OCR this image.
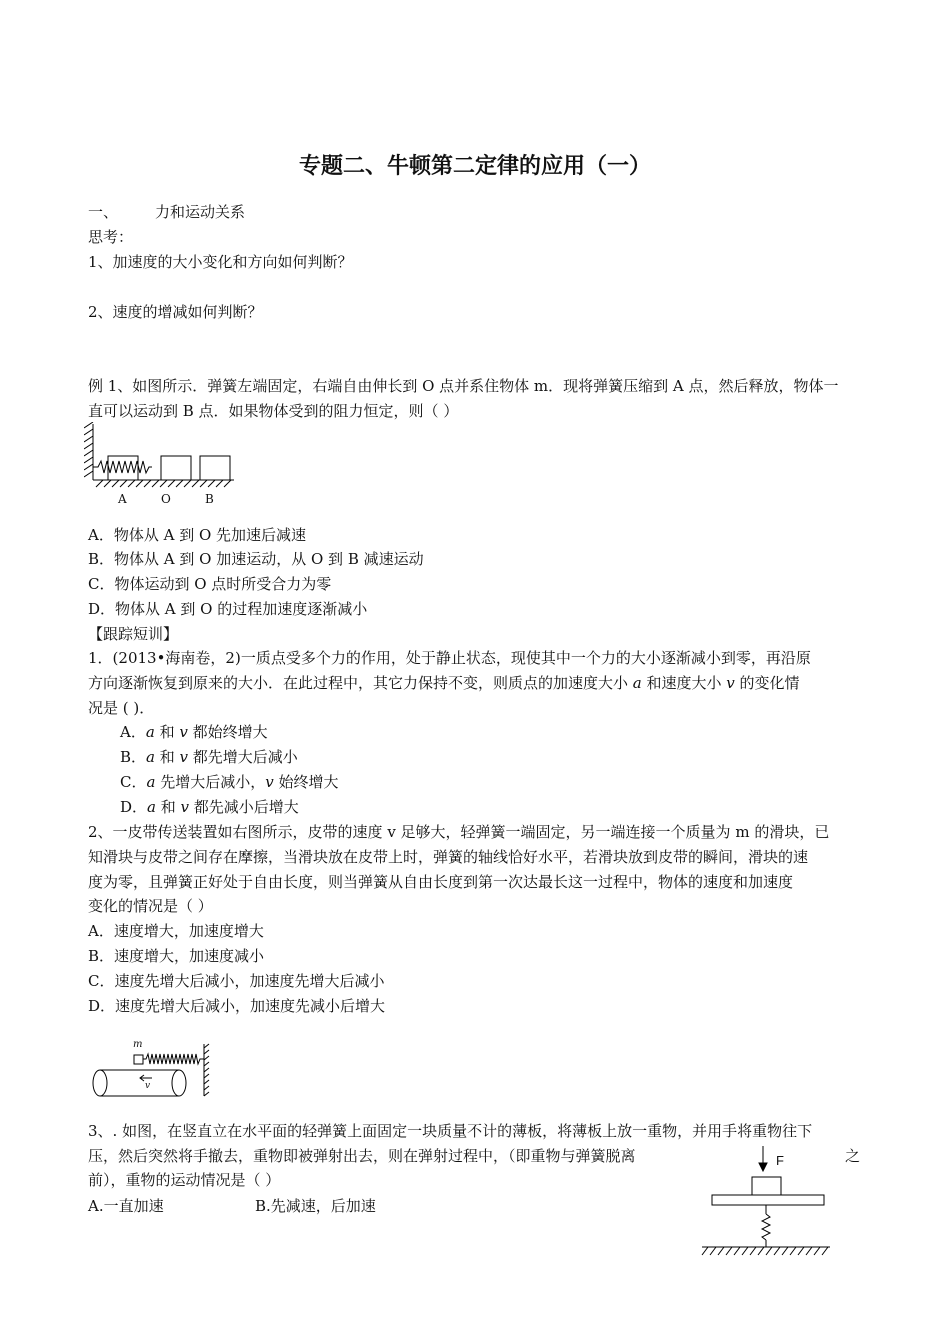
专题二、牛顿第二定律的应用（一）
一、 力和运动关系
思考：
1、加速度的大小变化和方向如何判断？
2、速度的增减如何判断？
例 1、如图所示．弹簧左端固定，右端自由伸长到 O 点并系住物体 m．现将弹簧压缩到 A 点，然后释放，物体一
直可以运动到 B 点．如果物体受到的阻力恒定，则（ ）
A	O	B
A．物体从 A 到 O 先加速后减速
B．物体从 A 到 O 加速运动，从 O 到 B 减速运动
C．物体运动到 O 点时所受合力为零
D．物体从 A 到 O 的过程加速度逐渐减小
【跟踪短训】
1．(2013•海南卷，2)一质点受多个力的作用，处于静止状态，现使其中一个力的大小逐渐减小到零，再沿原
方向逐渐恢复到原来的大小．在此过程中，其它力保持不变，则质点的加速度大小 a 和速度大小 v 的变化情
况是 ( )．
A．a 和 v 都始终增大
B．a 和 v 都先增大后减小
C．a 先增大后减小，v 始终增大
D．a 和 v 都先减小后增大
2、一皮带传送装置如右图所示，皮带的速度 v 足够大，轻弹簧一端固定，另一端连接一个质量为 m 的滑块，已
知滑块与皮带之间存在摩擦，当滑块放在皮带上时，弹簧的轴线恰好水平，若滑块放到皮带的瞬间，滑块的速
度为零，且弹簧正好处于自由长度，则当弹簧从自由长度到第一次达最长这一过程中，物体的速度和加速度
变化的情况是（ ）
A．速度增大，加速度增大
B．速度增大，加速度减小
C．速度先增大后减小，加速度先增大后减小
D．速度先增大后减小，加速度先减小后增大
m
v
3、. 如图，在竖直立在水平面的轻弹簧上面固定一块质量不计的薄板，将薄板上放一重物，并用手将重物往下
压，然后突然将手撤去，重物即被弹射出去，则在弹射过程中，（即重物与弹簧脱离	之
前），重物的运动情况是（ ）
A.一直加速	B.先减速，后加速
F
